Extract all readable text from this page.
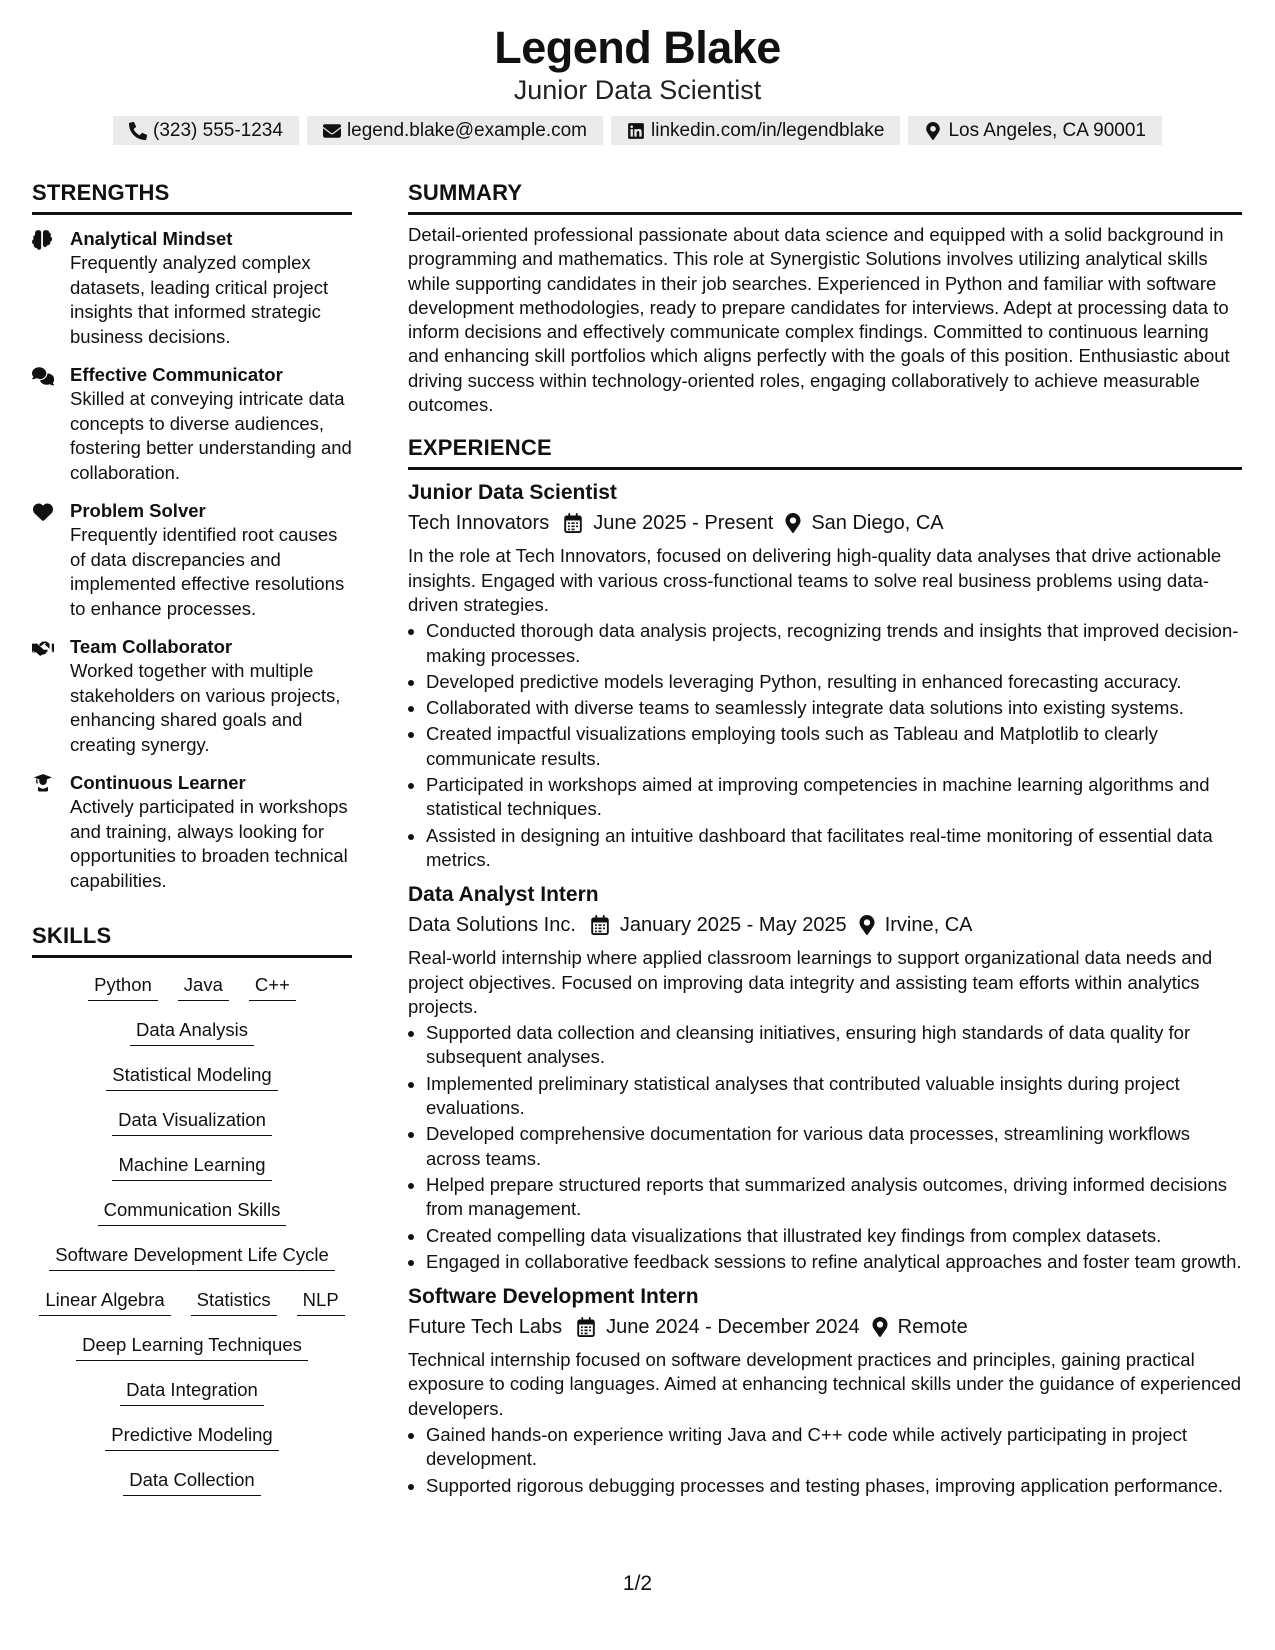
Legend Blake
Junior Data Scientist
(323) 555-1234	legend.blake@example.com	linkedin.com/in/legendblake	Los Angeles, CA 90001
STRENGTHS
Analytical Mindset
Frequently analyzed complex datasets, leading critical project insights that informed strategic business decisions.
Effective Communicator
Skilled at conveying intricate data concepts to diverse audiences, fostering better understanding and collaboration.
Problem Solver
Frequently identified root causes of data discrepancies and implemented effective resolutions to enhance processes.
Team Collaborator
Worked together with multiple stakeholders on various projects, enhancing shared goals and creating synergy.
Continuous Learner
Actively participated in workshops and training, always looking for opportunities to broaden technical capabilities.
SKILLS
Python	Java	C++
Data Analysis
Statistical Modeling
Data Visualization
Machine Learning
Communication Skills
Software Development Life Cycle
Linear Algebra	Statistics	NLP
Deep Learning Techniques
Data Integration
Predictive Modeling
Data Collection
SUMMARY

Detail-oriented professional passionate about data science and equipped with a solid background in programming and mathematics. This role at Synergistic Solutions involves utilizing analytical skills while supporting candidates in their job searches. Experienced in Python and familiar with software development methodologies, ready to prepare candidates for interviews. Adept at processing data to inform decisions and effectively communicate complex findings. Committed to continuous learning and enhancing skill portfolios which aligns perfectly with the goals of this position. Enthusiastic about driving success within technology-oriented roles, engaging collaboratively to achieve measurable outcomes.

EXPERIENCE
Junior Data Scientist
Tech Innovators June 2025 - Present San Diego, CA
In the role at Tech Innovators, focused on delivering high-quality data analyses that drive actionable insights. Engaged with various cross-functional teams to solve real business problems using data-driven strategies.
• Conducted thorough data analysis projects, recognizing trends and insights that improved decision-making processes.
• Developed predictive models leveraging Python, resulting in enhanced forecasting accuracy.
• Collaborated with diverse teams to seamlessly integrate data solutions into existing systems.
• Created impactful visualizations employing tools such as Tableau and Matplotlib to clearly communicate results.
• Participated in workshops aimed at improving competencies in machine learning algorithms and statistical techniques.
• Assisted in designing an intuitive dashboard that facilitates real-time monitoring of essential data metrics.
Data Analyst Intern
Data Solutions Inc. January 2025 - May 2025 Irvine, CA
Real-world internship where applied classroom learnings to support organizational data needs and project objectives. Focused on improving data integrity and assisting team efforts within analytics projects.
• Supported data collection and cleansing initiatives, ensuring high standards of data quality for subsequent analyses.
• Implemented preliminary statistical analyses that contributed valuable insights during project evaluations.
• Developed comprehensive documentation for various data processes, streamlining workflows across teams.
• Helped prepare structured reports that summarized analysis outcomes, driving informed decisions from management.
• Created compelling data visualizations that illustrated key findings from complex datasets.
• Engaged in collaborative feedback sessions to refine analytical approaches and foster team growth.
Software Development Intern
Future Tech Labs June 2024 - December 2024 Remote
Technical internship focused on software development practices and principles, gaining practical exposure to coding languages. Aimed at enhancing technical skills under the guidance of experienced developers.
• Gained hands-on experience writing Java and C++ code while actively participating in project development.
• Supported rigorous debugging processes and testing phases, improving application performance.
1/2
